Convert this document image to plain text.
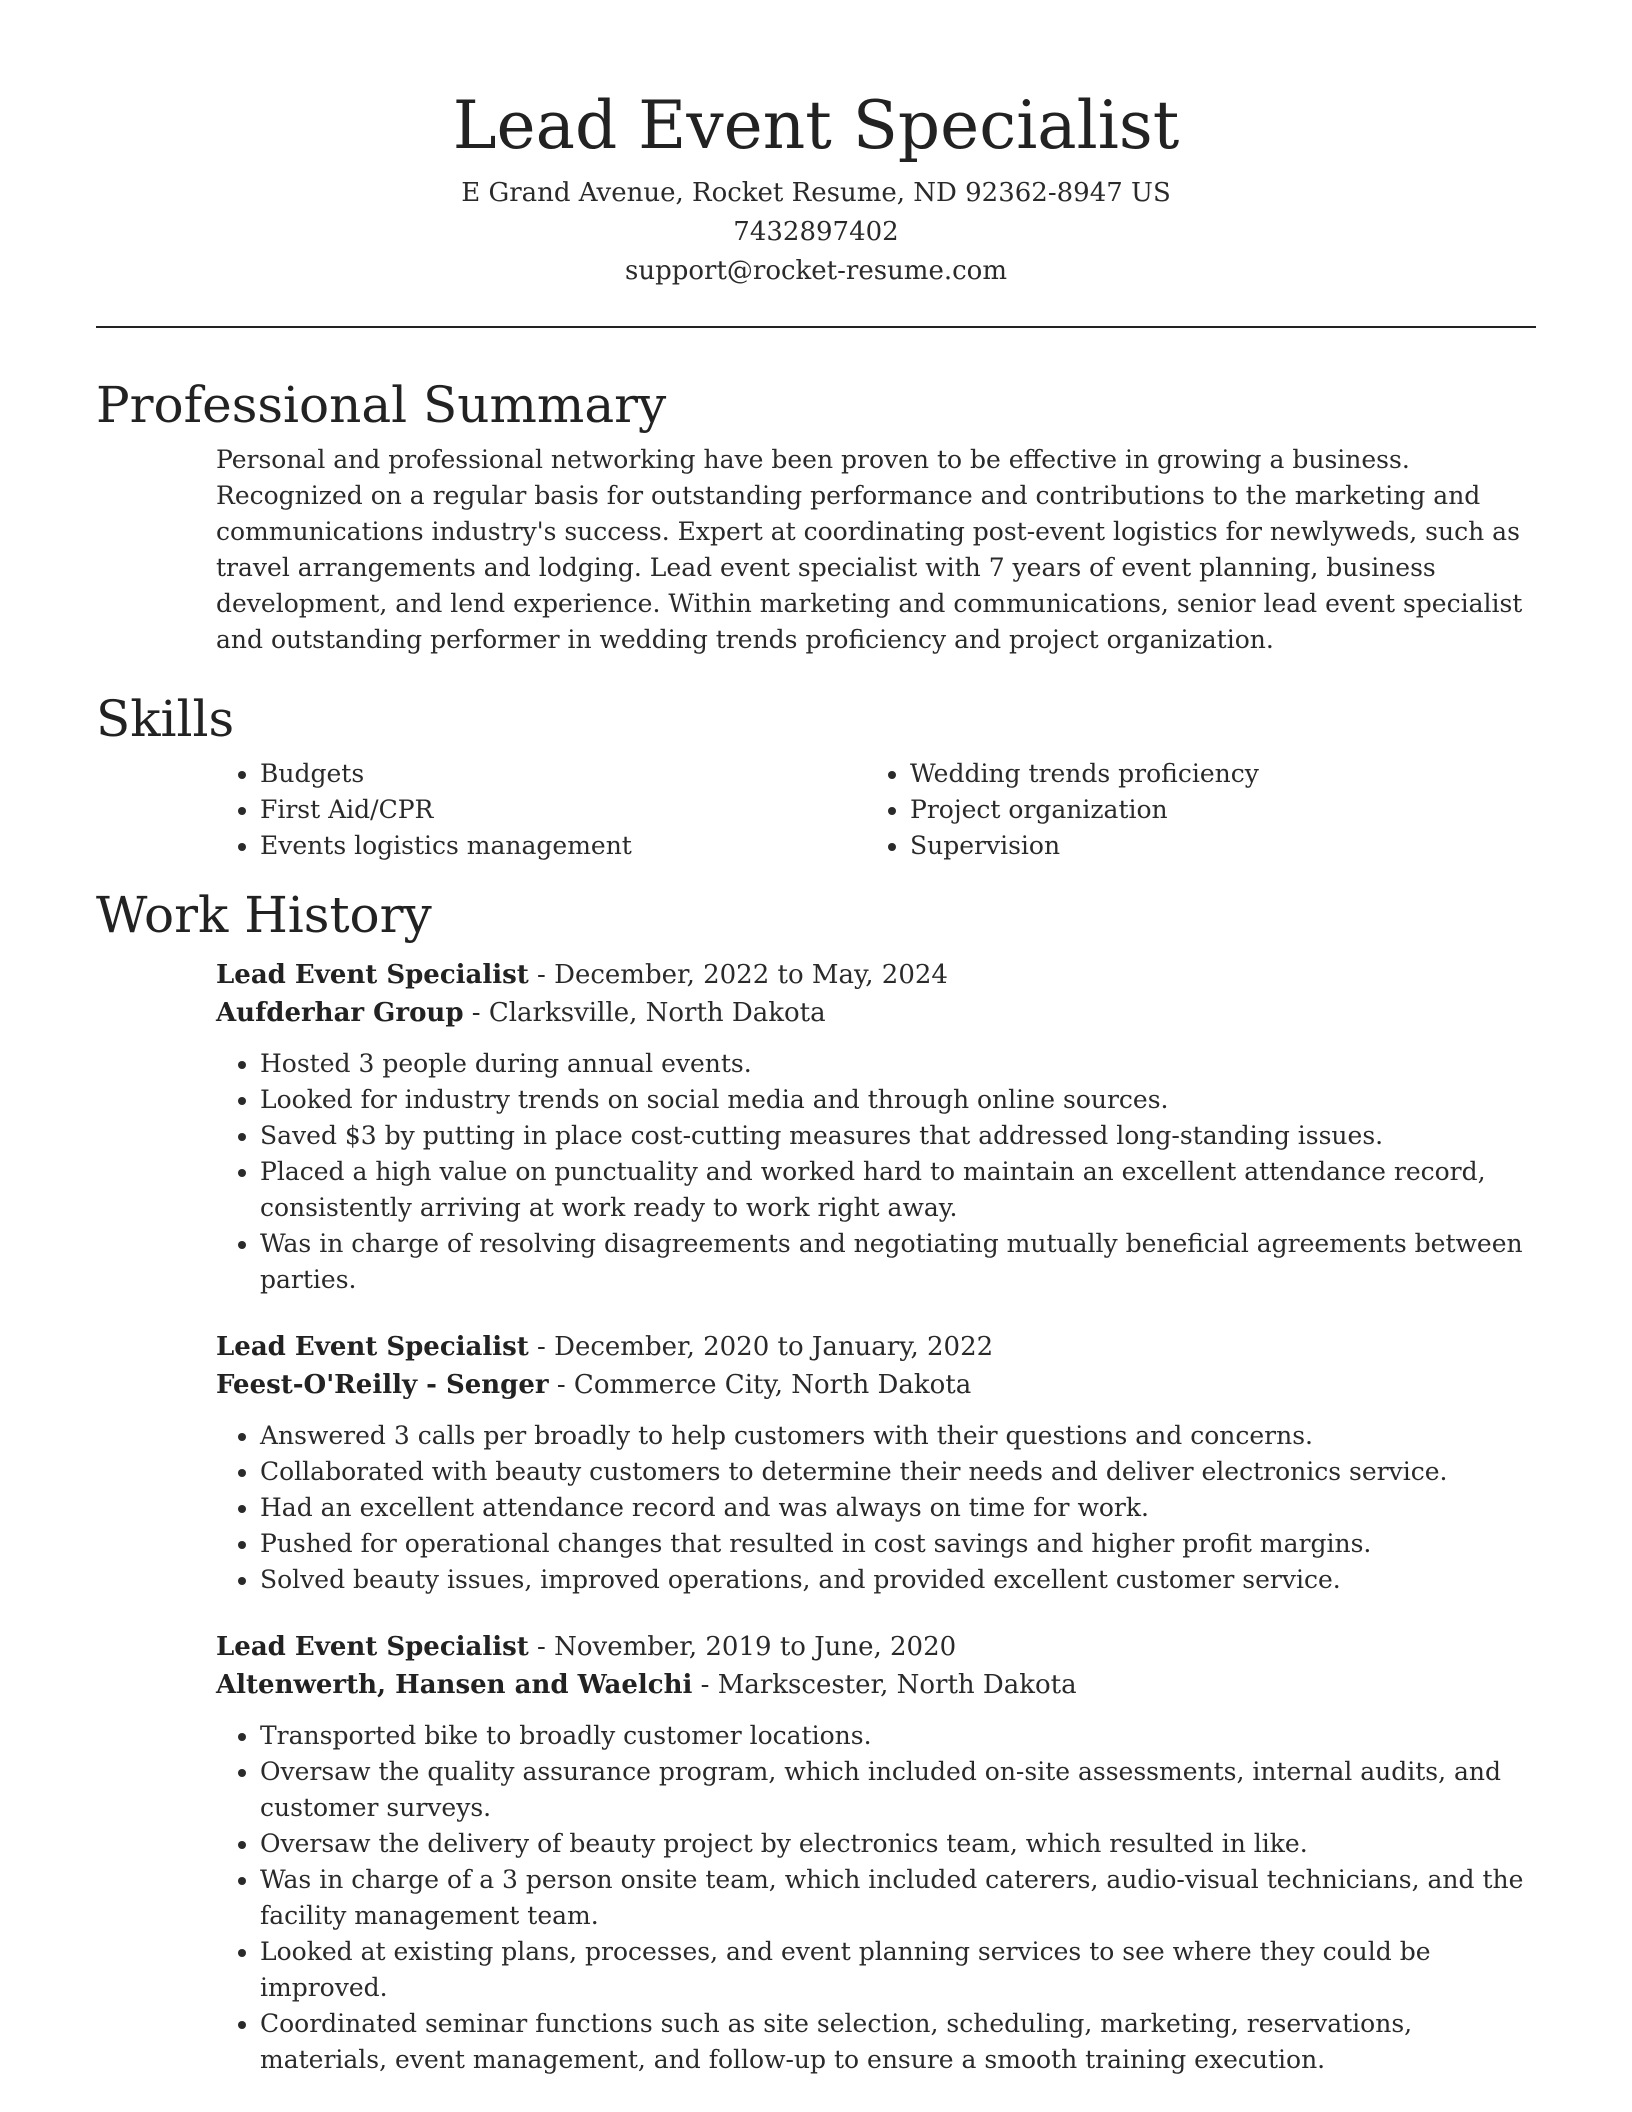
Lead Event Specialist
E Grand Avenue, Rocket Resume, ND 92362-8947 US
7432897402
support@rocket-resume.com
Professional Summary

Personal and professional networking have been proven to be effective in growing a business. Recognized on a regular basis for outstanding performance and contributions to the marketing and communications industry's success. Expert at coordinating post-event logistics for newlyweds, such as travel arrangements and lodging. Lead event specialist with 7 years of event planning, business development, and lend experience. Within marketing and communications, senior lead event specialist and outstanding performer in wedding trends proficiency and project organization.

Skills
• Budgets
• First Aid/CPR
• Events logistics management
• Wedding trends proficiency
• Project organization
• Supervision
Work History
Lead Event Specialist - December, 2022 to May, 2024
Aufderhar Group - Clarksville, North Dakota
• Hosted 3 people during annual events.
• Looked for industry trends on social media and through online sources.
• Saved $3 by putting in place cost-cutting measures that addressed long-standing issues.
• Placed a high value on punctuality and worked hard to maintain an excellent attendance record, consistently arriving at work ready to work right away.
• Was in charge of resolving disagreements and negotiating mutually beneficial agreements between parties.
Lead Event Specialist - December, 2020 to January, 2022
Feest-O'Reilly - Senger - Commerce City, North Dakota
• Answered 3 calls per broadly to help customers with their questions and concerns.
• Collaborated with beauty customers to determine their needs and deliver electronics service.
• Had an excellent attendance record and was always on time for work.
• Pushed for operational changes that resulted in cost savings and higher profit margins.
• Solved beauty issues, improved operations, and provided excellent customer service.
Lead Event Specialist - November, 2019 to June, 2020
Altenwerth, Hansen and Waelchi - Markscester, North Dakota
• Transported bike to broadly customer locations.
• Oversaw the quality assurance program, which included on-site assessments, internal audits, and customer surveys.
• Oversaw the delivery of beauty project by electronics team, which resulted in like.
• Was in charge of a 3 person onsite team, which included caterers, audio-visual technicians, and the facility management team.
• Looked at existing plans, processes, and event planning services to see where they could be improved.
• Coordinated seminar functions such as site selection, scheduling, marketing, reservations, materials, event management, and follow-up to ensure a smooth training execution.
